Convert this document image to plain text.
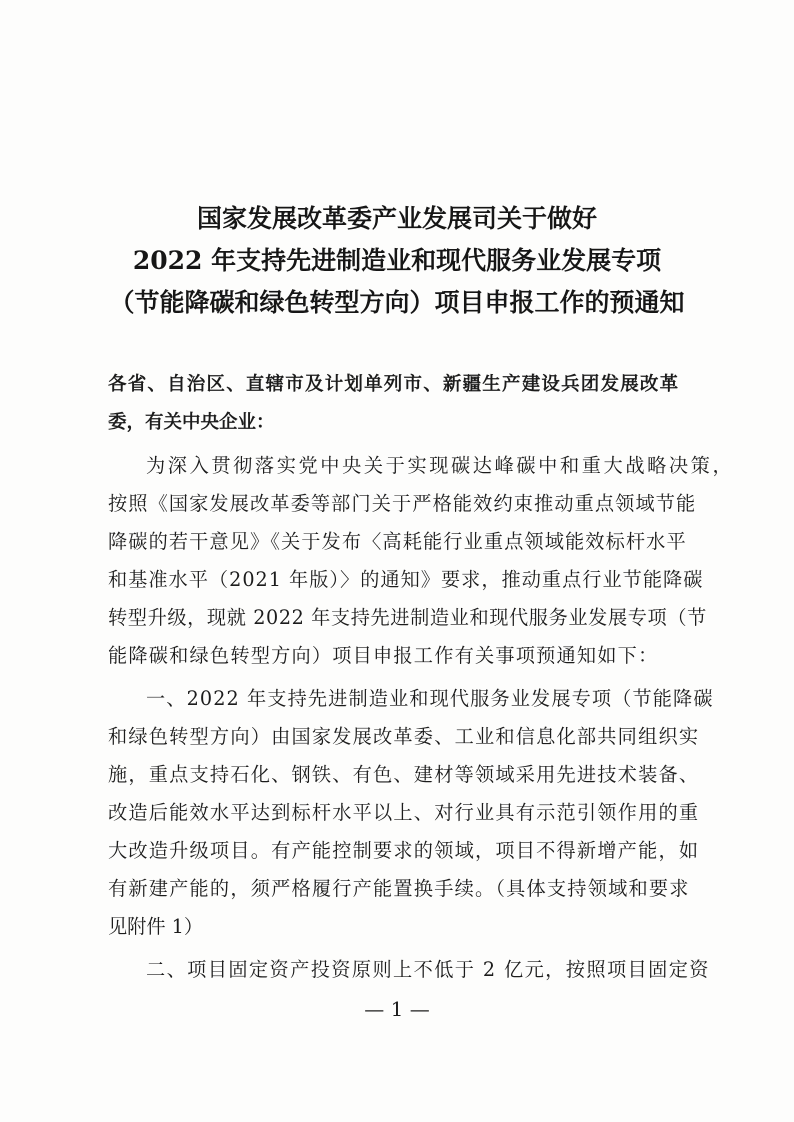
国家发展改革委产业发展司关于做好
2022 年支持先进制造业和现代服务业发展专项
（节能降碳和绿色转型方向）项目申报工作的预通知
各省、自治区、直辖市及计划单列市、新疆生产建设兵团发展改革
委，有关中央企业：
为深入贯彻落实党中央关于实现碳达峰碳中和重大战略决策，
按照《国家发展改革委等部门关于严格能效约束推动重点领域节能
降碳的若干意见》《关于发布〈高耗能行业重点领域能效标杆水平
和基准水平（2021 年版）〉的通知》要求，推动重点行业节能降碳
转型升级，现就 2022 年支持先进制造业和现代服务业发展专项（节
能降碳和绿色转型方向）项目申报工作有关事项预通知如下：
一、2022 年支持先进制造业和现代服务业发展专项（节能降碳
和绿色转型方向）由国家发展改革委、工业和信息化部共同组织实
施，重点支持石化、钢铁、有色、建材等领域采用先进技术装备、
改造后能效水平达到标杆水平以上、对行业具有示范引领作用的重
大改造升级项目。有产能控制要求的领域，项目不得新增产能，如
有新建产能的，须严格履行产能置换手续。（具体支持领域和要求
见附件 1）
二、项目固定资产投资原则上不低于 2 亿元，按照项目固定资
— 1 —
